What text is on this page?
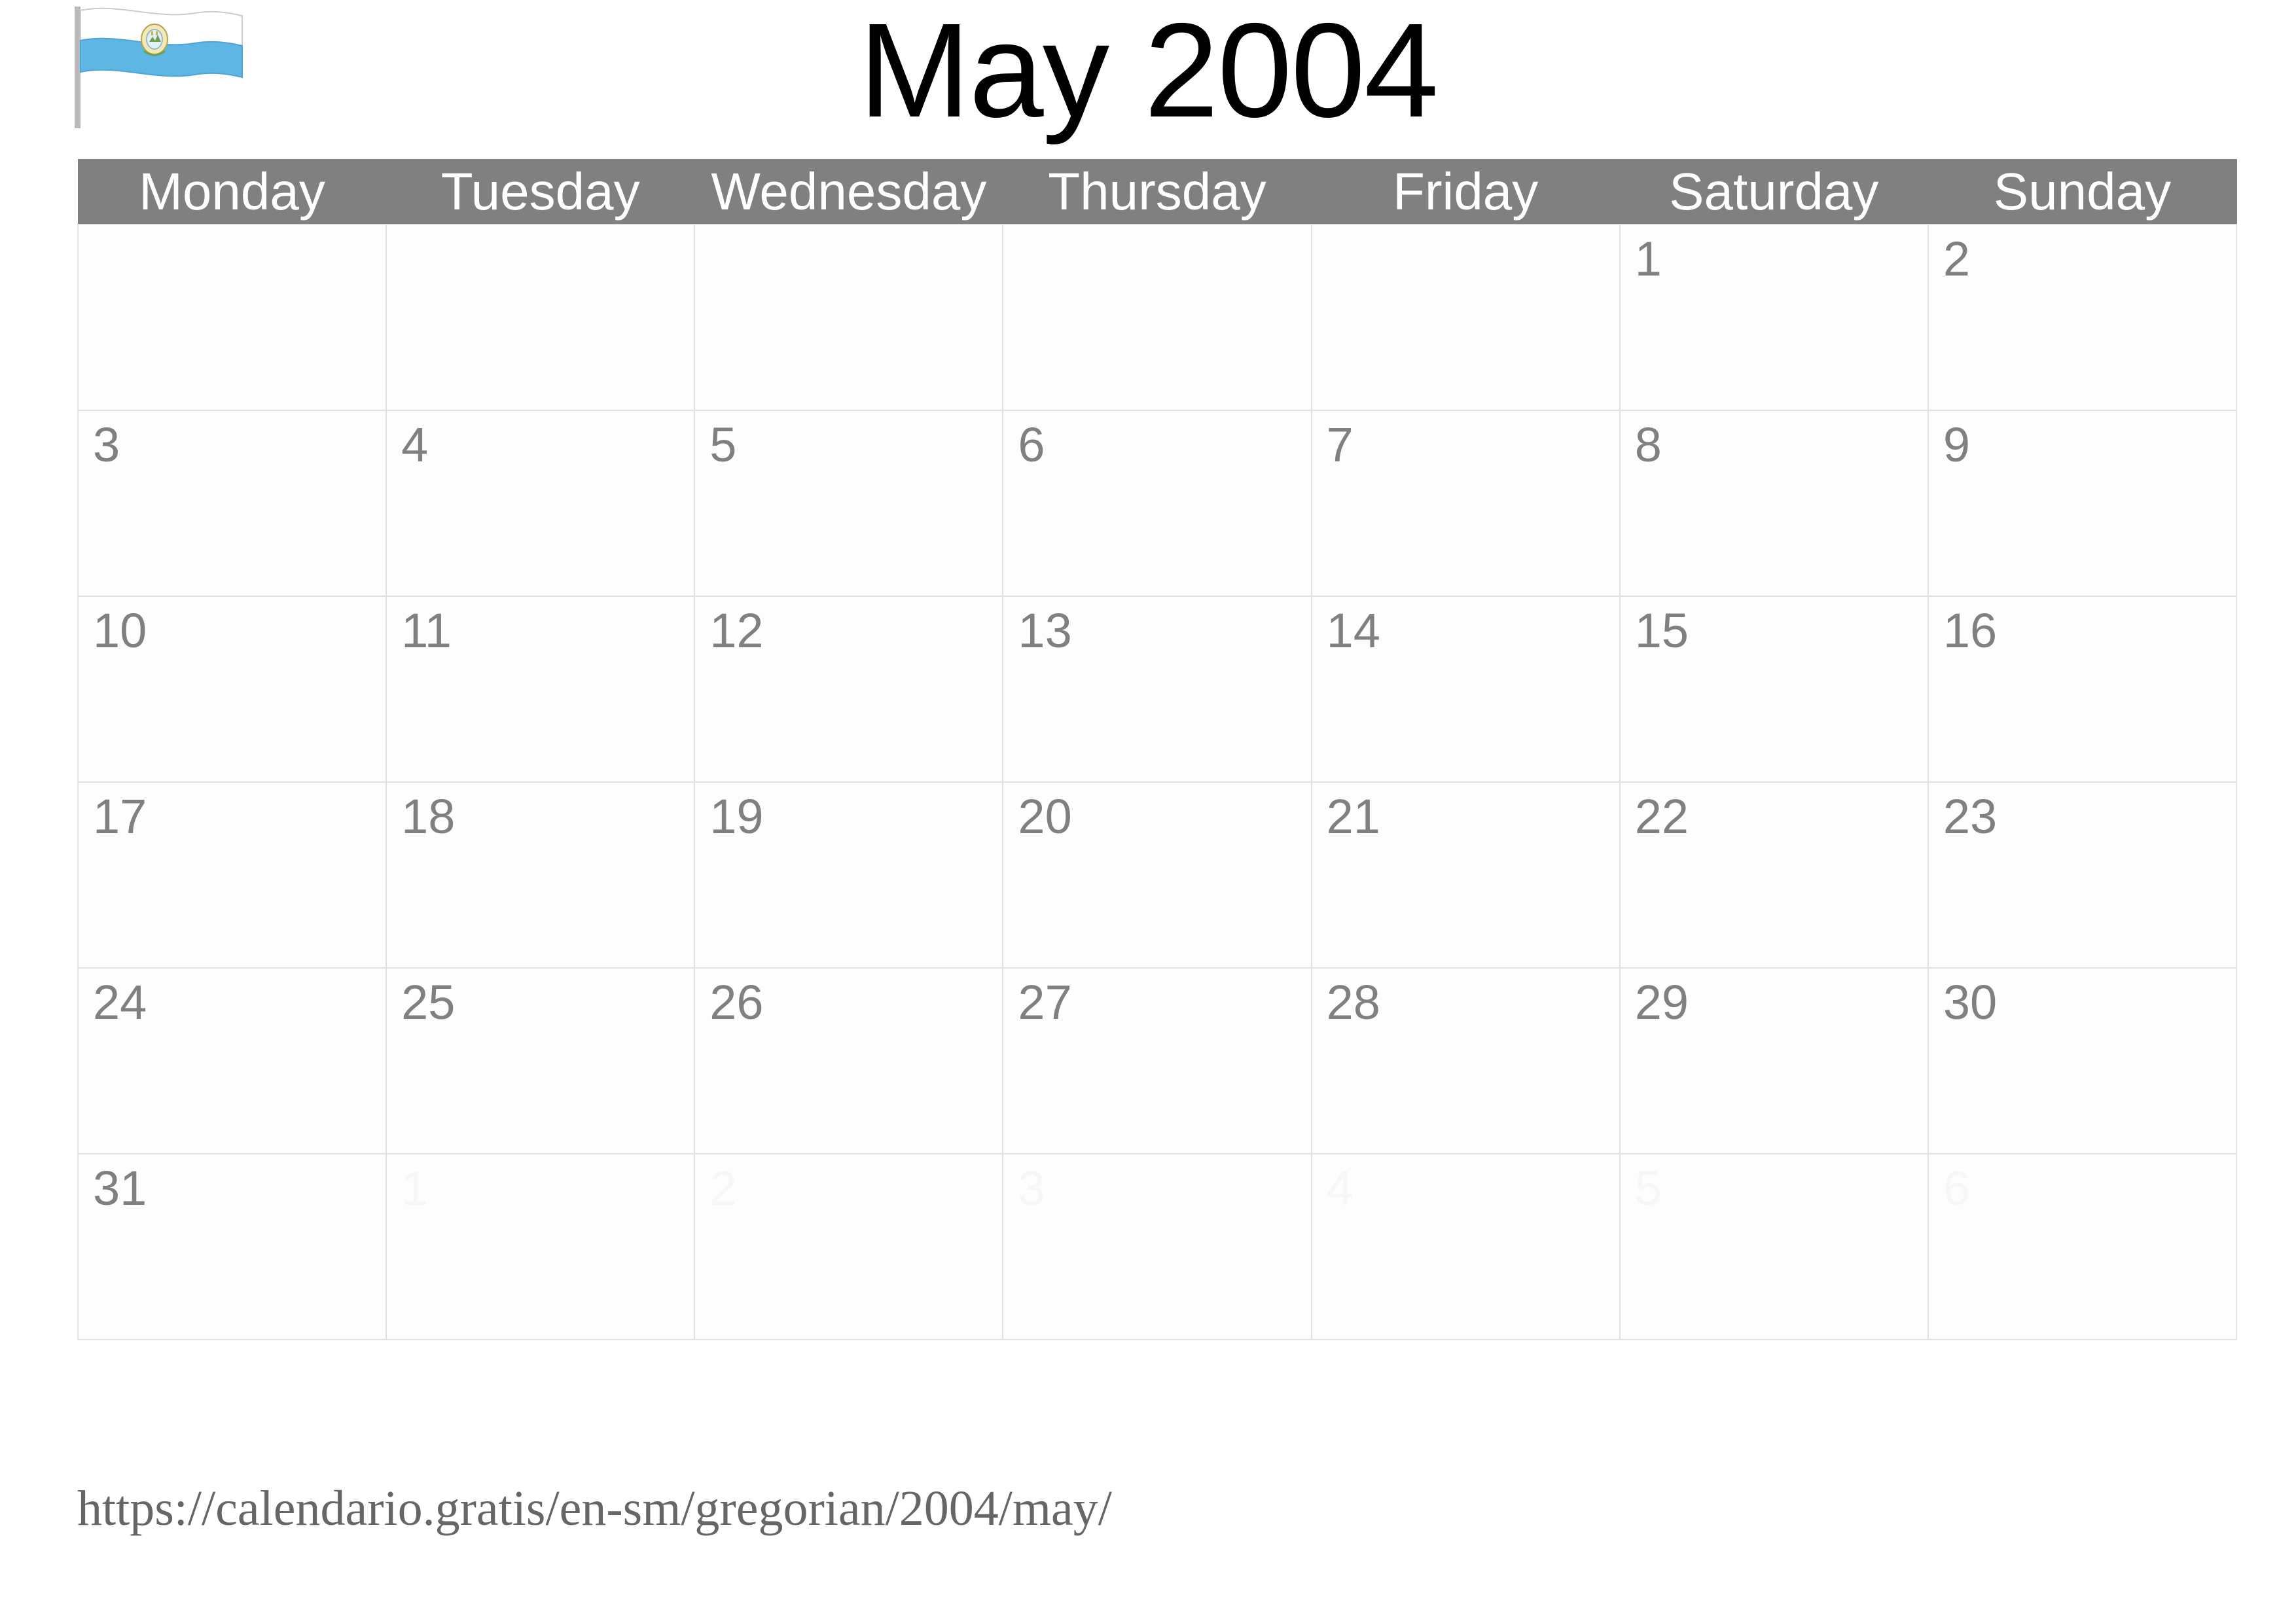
May 2004
Monday	Tuesday	Wednesday	Thursday	Friday	Saturday	Sunday

					1	2

3	4	5	6	7	8	9

10	11	12	13	14	15	16

17	18	19	20	21	22	23

24	25	26	27	28	29	30

31	1	2	3	4	5	6
https://calendario.gratis/en-sm/gregorian/2004/may/
